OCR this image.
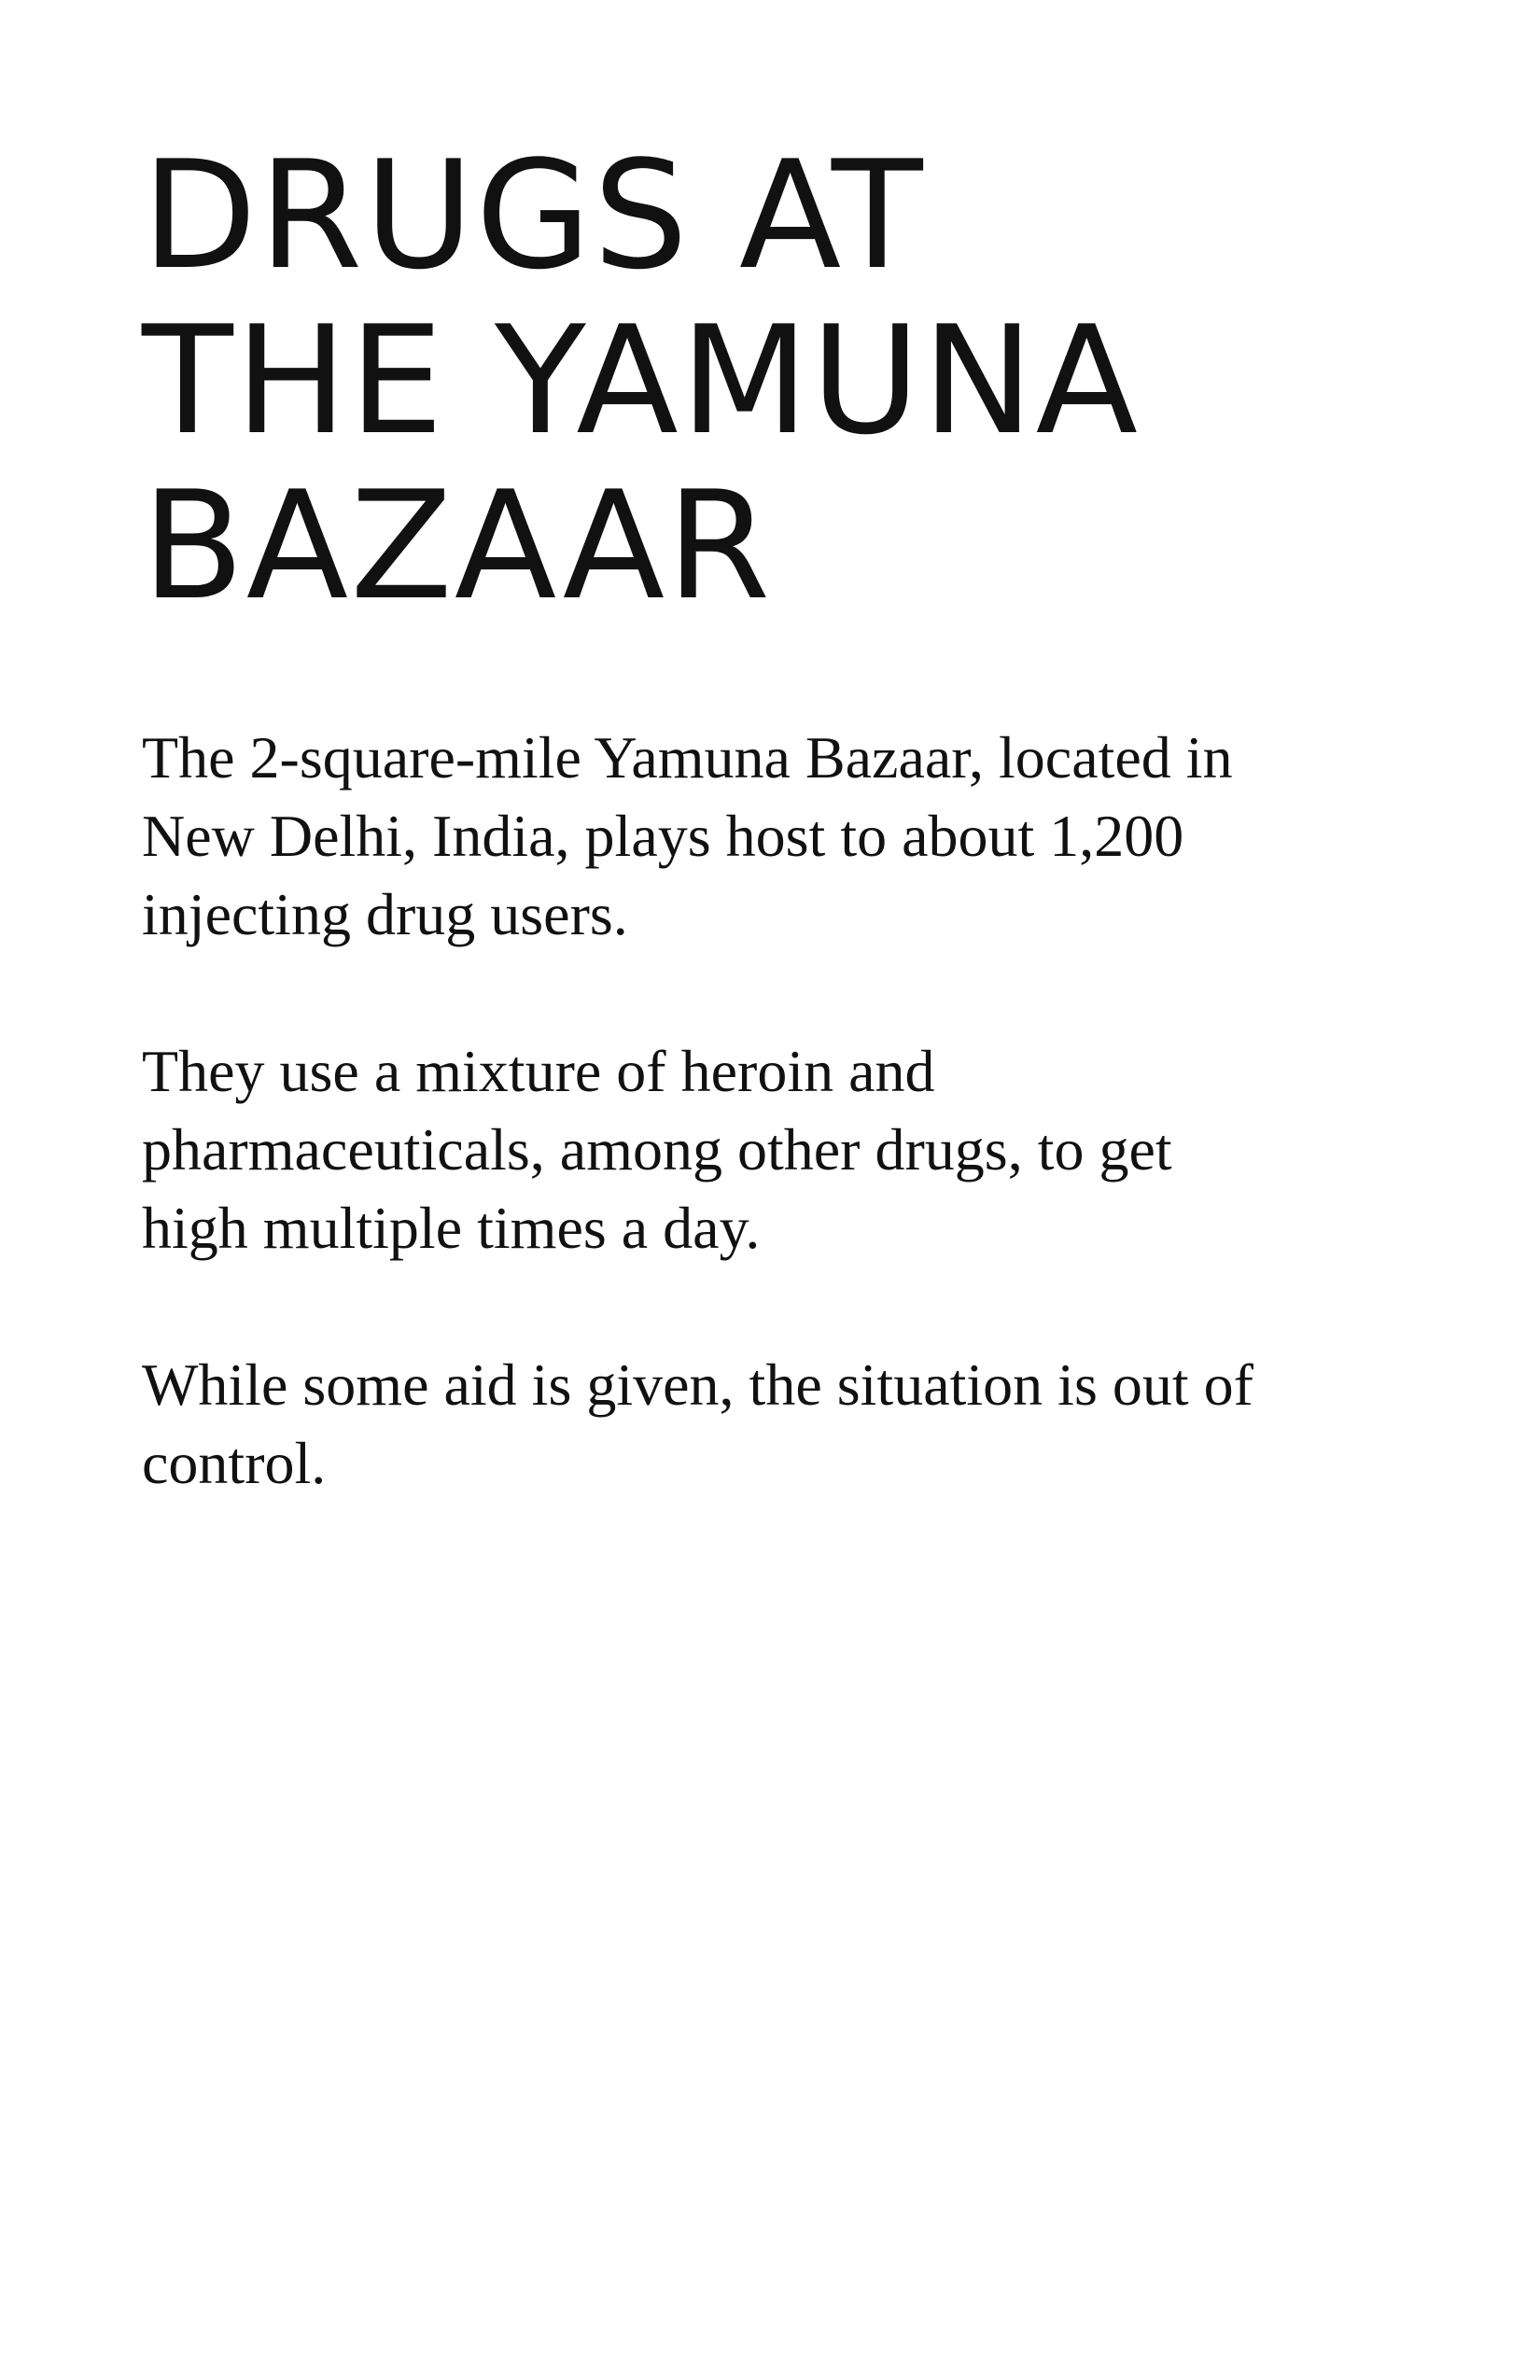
DRUGS AT
THE YAMUNA
BAZAAR

The 2-square-mile Yamuna Bazaar, located in
New Delhi, India, plays host to about 1,200
injecting drug users.

They use a mixture of heroin and
pharmaceuticals, among other drugs, to get
high multiple times a day.

While some aid is given, the situation is out of
control.
